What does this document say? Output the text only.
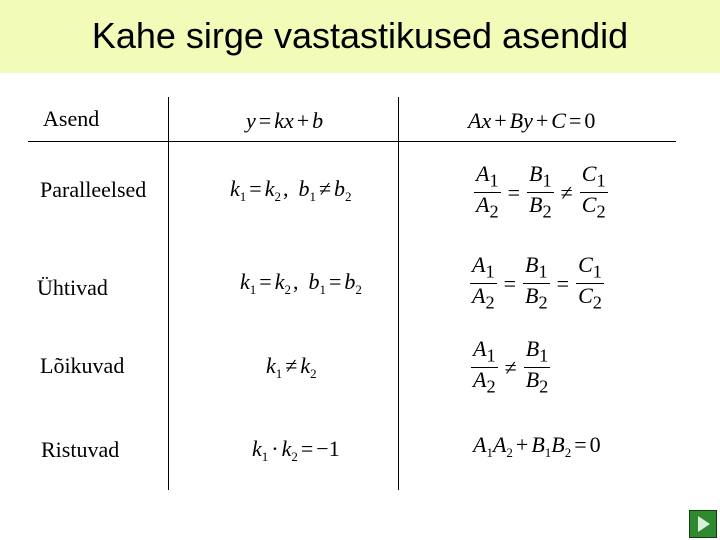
Kahe sirge vastastikused asendid
Asend	y = kx + b	Ax + By + C = 0
Paralleelsed	$k_1 = k_2$, $b_1 \ne b_2$	$\frac{A_1}{A_2} = \frac{B_1}{B_2} \ne \frac{C_1}{C_2}$
Ühtivad	$k_1 = k_2$, $b_1 = b_2$	$\frac{A_1}{A_2} = \frac{B_1}{B_2} = \frac{C_1}{C_2}$
Lõikuvad	$k_1 \ne k_2$	$\frac{A_1}{A_2} \ne \frac{B_1}{B_2}$
Ristuvad	$k_1 \cdot k_2 = -1$	$A_1A_2 + B_1B_2 = 0$
